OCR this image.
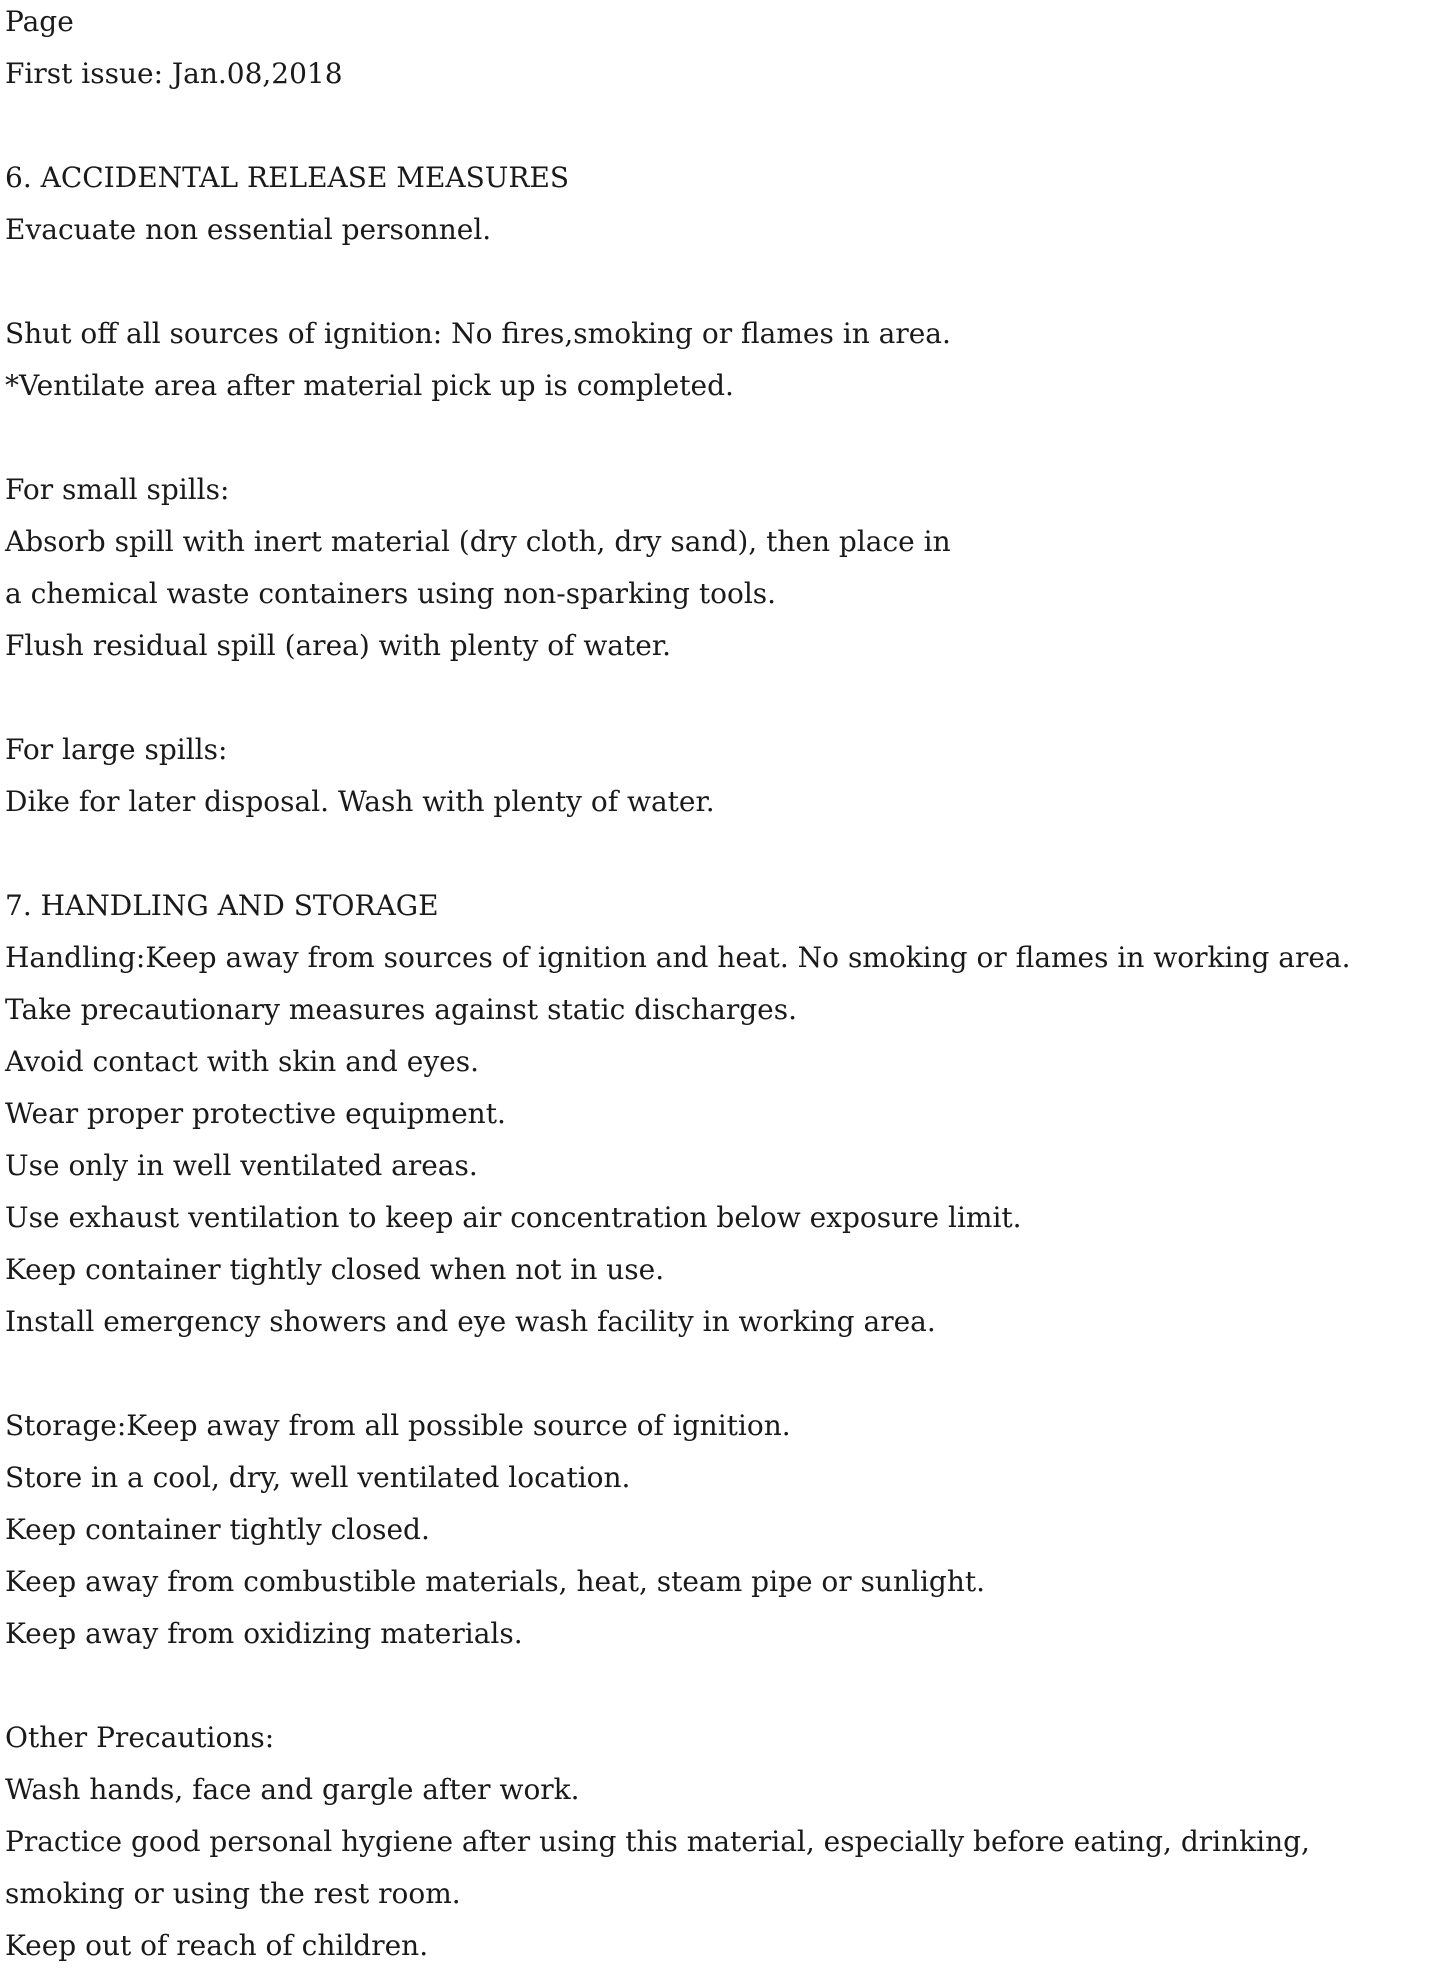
Page
First issue: Jan.08,2018
6. ACCIDENTAL RELEASE MEASURES
Evacuate non essential personnel.
Shut off all sources of ignition: No fires,smoking or flames in area.
*Ventilate area after material pick up is completed.
For small spills:
Absorb spill with inert material (dry cloth, dry sand), then place in
a chemical waste containers using non-sparking tools.
Flush residual spill (area) with plenty of water.
For large spills:
Dike for later disposal. Wash with plenty of water.
7. HANDLING AND STORAGE
Handling:Keep away from sources of ignition and heat. No smoking or flames in working area.
Take precautionary measures against static discharges.
Avoid contact with skin and eyes.
Wear proper protective equipment.
Use only in well ventilated areas.
Use exhaust ventilation to keep air concentration below exposure limit.
Keep container tightly closed when not in use.
Install emergency showers and eye wash facility in working area.
Storage:Keep away from all possible source of ignition.
Store in a cool, dry, well ventilated location.
Keep container tightly closed.
Keep away from combustible materials, heat, steam pipe or sunlight.
Keep away from oxidizing materials.
Other Precautions:
Wash hands, face and gargle after work.
Practice good personal hygiene after using this material, especially before eating, drinking,
smoking or using the rest room.
Keep out of reach of children.
